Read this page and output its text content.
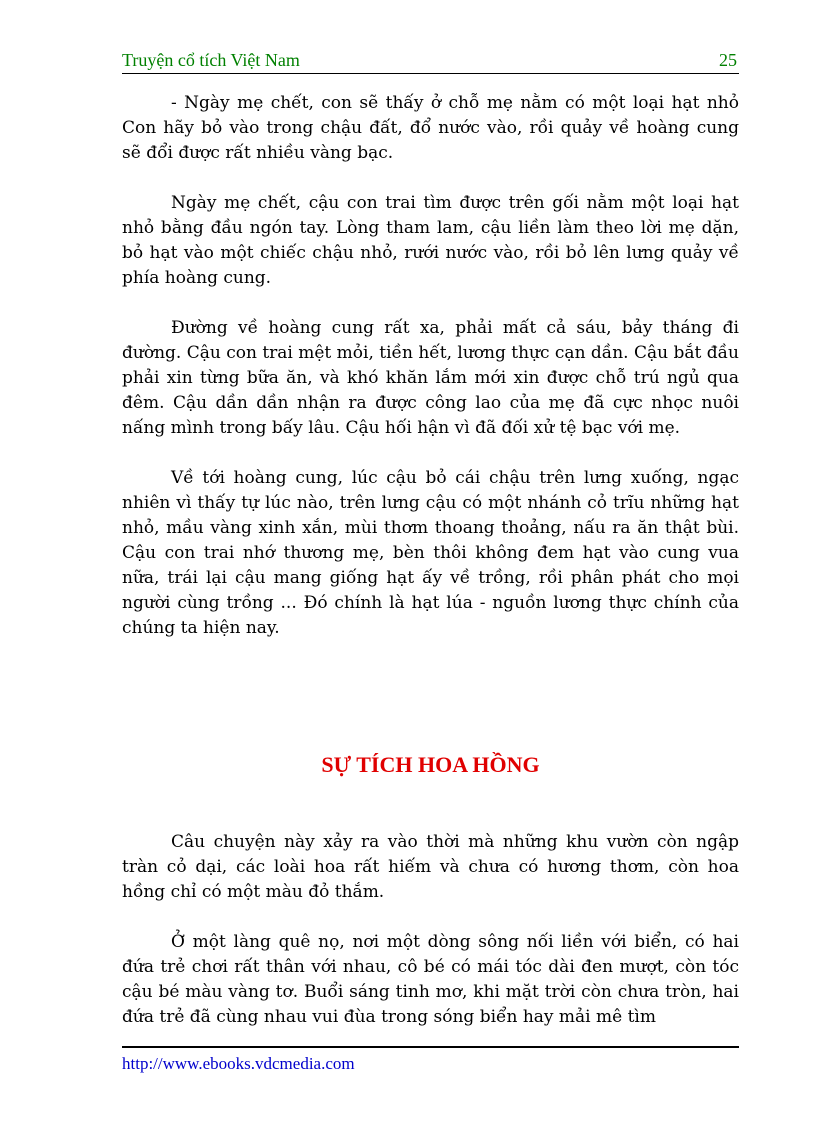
Truyện cổ tích Việt Nam	25

- Ngày mẹ chết, con sẽ thấy ở chỗ mẹ nằm có một loại hạt nhỏ Con hãy bỏ vào trong chậu đất, đổ nước vào, rồi quảy về hoàng cung sẽ đổi được rất nhiều vàng bạc.

Ngày mẹ chết, cậu con trai tìm được trên gối nằm một loại hạt nhỏ bằng đầu ngón tay. Lòng tham lam, cậu liền làm theo lời mẹ dặn, bỏ hạt vào một chiếc chậu nhỏ, rưới nước vào, rồi bỏ lên lưng quảy về phía hoàng cung.

Đường về hoàng cung rất xa, phải mất cả sáu, bảy tháng đi đường. Cậu con trai mệt mỏi, tiền hết, lương thực cạn dần. Cậu bắt đầu phải xin từng bữa ăn, và khó khăn lắm mới xin được chỗ trú ngủ qua đêm. Cậu dần dần nhận ra được công lao của mẹ đã cực nhọc nuôi nấng mình trong bấy lâu. Cậu hối hận vì đã đối xử tệ bạc với mẹ.

Về tới hoàng cung, lúc cậu bỏ cái chậu trên lưng xuống, ngạc nhiên vì thấy tự lúc nào, trên lưng cậu có một nhánh cỏ trĩu những hạt nhỏ, mầu vàng xinh xắn, mùi thơm thoang thoảng, nấu ra ăn thật bùi. Cậu con trai nhớ thương mẹ, bèn thôi không đem hạt vào cung vua nữa, trái lại cậu mang giống hạt ấy về trồng, rồi phân phát cho mọi người cùng trồng ... Đó chính là hạt lúa - nguồn lương thực chính của chúng ta hiện nay.

SỰ TÍCH HOA HỒNG

Câu chuyện này xảy ra vào thời mà những khu vườn còn ngập tràn cỏ dại, các loài hoa rất hiếm và chưa có hương thơm, còn hoa hồng chỉ có một màu đỏ thắm.

Ở một làng quê nọ, nơi một dòng sông nối liền với biển, có hai đứa trẻ chơi rất thân với nhau, cô bé có mái tóc dài đen mượt, còn tóc cậu bé màu vàng tơ. Buổi sáng tinh mơ, khi mặt trời còn chưa tròn, hai đứa trẻ đã cùng nhau vui đùa trong sóng biển hay mải mê tìm

http://www.ebooks.vdcmedia.com
